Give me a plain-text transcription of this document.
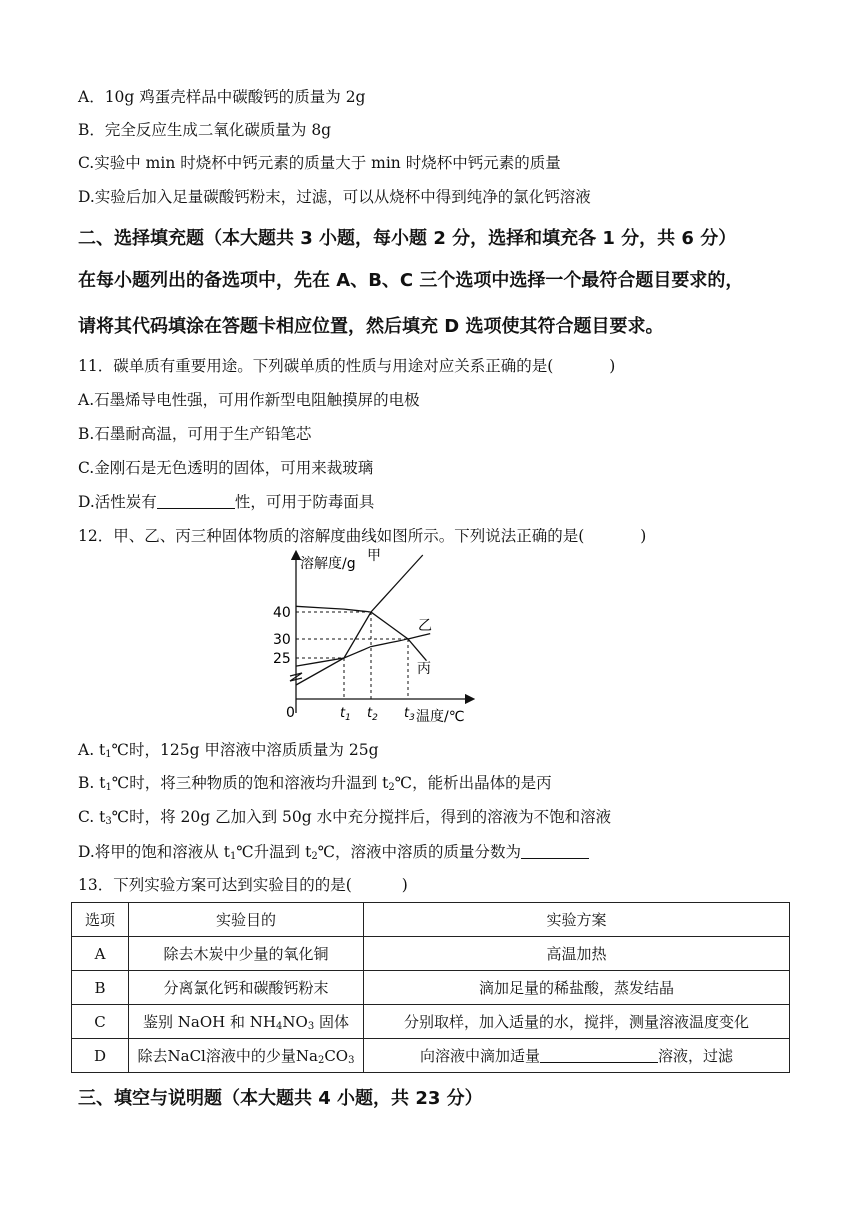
A．10g 鸡蛋壳样品中碳酸钙的质量为 2g
B．完全反应生成二氧化碳质量为 8g
C.实验中 min 时烧杯中钙元素的质量大于 min 时烧杯中钙元素的质量
D.实验后加入足量碳酸钙粉末，过滤，可以从烧杯中得到纯净的氯化钙溶液
二、选择填充题（本大题共 3 小题，每小题 2 分，选择和填充各 1 分，共 6 分）
在每小题列出的备选项中，先在 A、B、C 三个选项中选择一个最符合题目要求的，
请将其代码填涂在答题卡相应位置，然后填充 D 选项使其符合题目要求。
11．碳单质有重要用途。下列碳单质的性质与用途对应关系正确的是(	)
A.石墨烯导电性强，可用作新型电阻触摸屏的电极
B.石墨耐高温，可用于生产铅笔芯
C.金刚石是无色透明的固体，可用来裁玻璃
D.活性炭有	性，可用于防毒面具
12．甲、乙、丙三种固体物质的溶解度曲线如图所示。下列说法正确的是(	)
溶解度/g
温度/℃
0
40
30
25
$t_1$ $t_2$ $t_3$
甲
乙
丙
A. $t_1℃$时，125g 甲溶液中溶质质量为 25g
B. $t_1℃$时，将三种物质的饱和溶液均升温到 $t_2℃$，能析出晶体的是丙
C. $t_3℃$时，将 20g 乙加入到 50g 水中充分搅拌后，得到的溶液为不饱和溶液
D.将甲的饱和溶液从 $t_1℃$升温到 $t_2℃$，溶液中溶质的质量分数为
13．下列实验方案可达到实验目的的是(	)
选项	实验目的	实验方案
A	除去木炭中少量的氧化铜	高温加热
B	分离氯化钙和碳酸钙粉末	滴加足量的稀盐酸，蒸发结晶
C	鉴别 NaOH 和 $NH_4NO_3$ 固体	分别取样，加入适量的水，搅拌，测量溶液温度变化
D	除去NaCl溶液中的少量$Na_2CO_3$	向溶液中滴加适量 溶液，过滤
三、填空与说明题（本大题共 4 小题，共 23 分）
